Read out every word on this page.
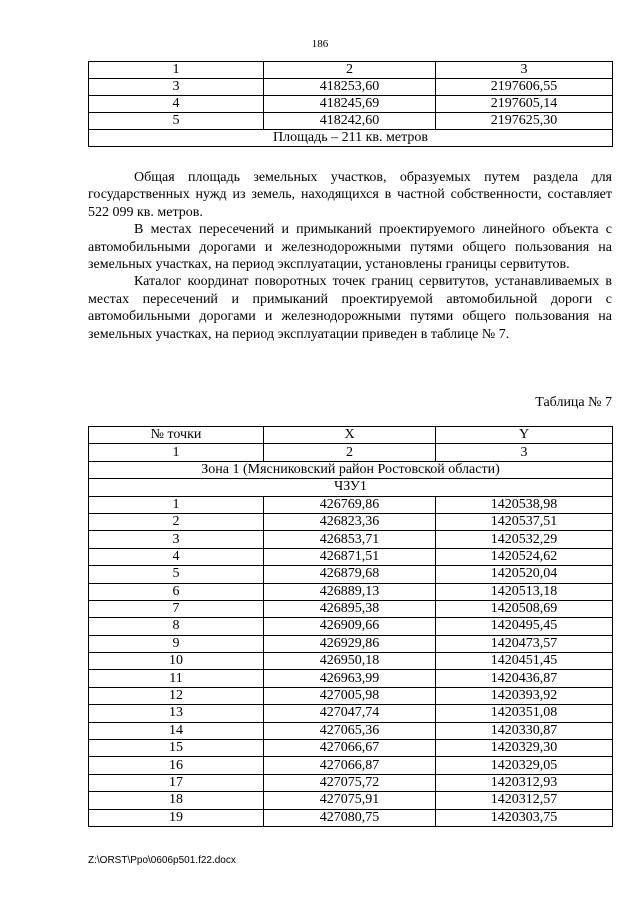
186
1	2	3
3	418253,60	2197606,55
4	418245,69	2197605,14
5	418242,60	2197625,30
Площадь – 211 кв. метров		

Общая площадь земельных участков, образуемых путем раздела для государственных нужд из земель, находящихся в частной собственности, составляет 522 099 кв. метров.

В местах пересечений и примыканий проектируемого линейного объекта с автомобильными дорогами и железнодорожными путями общего пользования на земельных участках, на период эксплуатации, установлены границы сервитутов.

Каталог координат поворотных точек границ сервитутов, устанавливаемых в местах пересечений и примыканий проектируемой автомобильной дороги с автомобильными дорогами и железнодорожными путями общего пользования на земельных участках, на период эксплуатации приведен в таблице № 7.

Таблица № 7
№ точки	X	Y
1	2	3
Зона 1 (Мясниковский район Ростовской области)		
ЧЗУ1		
1	426769,86	1420538,98
2	426823,36	1420537,51
3	426853,71	1420532,29
4	426871,51	1420524,62
5	426879,68	1420520,04
6	426889,13	1420513,18
7	426895,38	1420508,69
8	426909,66	1420495,45
9	426929,86	1420473,57
10	426950,18	1420451,45
11	426963,99	1420436,87
12	427005,98	1420393,92
13	427047,74	1420351,08
14	427065,36	1420330,87
15	427066,67	1420329,30
16	427066,87	1420329,05
17	427075,72	1420312,93
18	427075,91	1420312,57
19	427080,75	1420303,75
Z:\ORST\Ppo\0606p501.f22.docx
